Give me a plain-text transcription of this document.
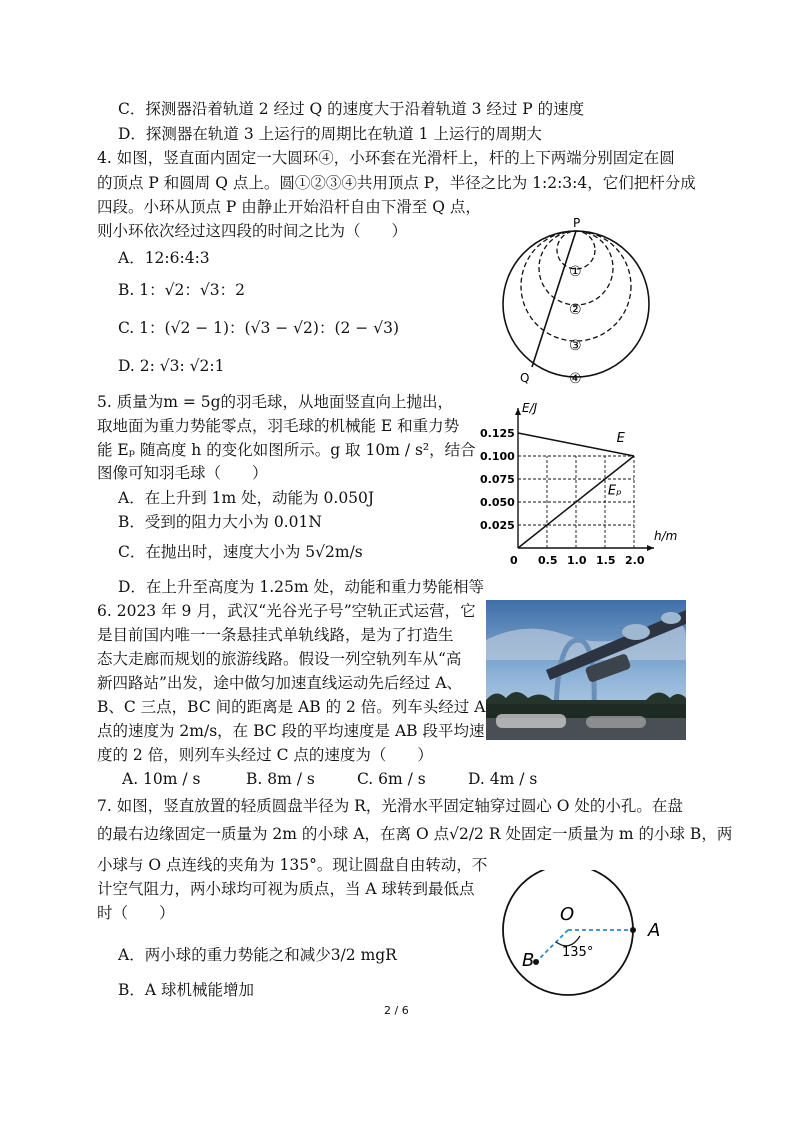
C．探测器沿着轨道 2 经过 Q 的速度大于沿着轨道 3 经过 P 的速度
D．探测器在轨道 3 上运行的周期比在轨道 1 上运行的周期大
4. 如图，竖直面内固定一大圆环④，小环套在光滑杆上，杆的上下两端分别固定在圆
的顶点 P 和圆周 Q 点上。圆①②③④共用顶点 P，半径之比为 1:2:3:4，它们把杆分成
四段。小环从顶点 P 由静止开始沿杆自由下滑至 Q 点，
则小环依次经过这四段的时间之比为（　　）
A．12:6:4:3
B. 1：√2：√3：2
C. 1：(√2 − 1)：(√3 − √2)：(2 − √3)
D. 2: √3: √2:1
5. 质量为m = 5g的羽毛球，从地面竖直向上抛出，
取地面为重力势能零点，羽毛球的机械能 E 和重力势
能 Eₚ 随高度 h 的变化如图所示。g 取 10m / s²，结合
图像可知羽毛球（　　）
A．在上升到 1m 处，动能为 0.050J
B．受到的阻力大小为 0.01N
C．在抛出时，速度大小为 5√2m/s
D．在上升至高度为 1.25m 处，动能和重力势能相等
6. 2023 年 9 月，武汉“光谷光子号”空轨正式运营，它
是目前国内唯一一条悬挂式单轨线路，是为了打造生
态大走廊而规划的旅游线路。假设一列空轨列车从“高
新四路站”出发，途中做匀加速直线运动先后经过 A、
B、C 三点，BC 间的距离是 AB 的 2 倍。列车头经过 A
点的速度为 2m/s，在 BC 段的平均速度是 AB 段平均速
度的 2 倍，则列车头经过 C 点的速度为（　　）
A. 10m / s	B. 8m / s	C. 6m / s	D. 4m / s
7. 如图，竖直放置的轻质圆盘半径为 R，光滑水平固定轴穿过圆心 O 处的小孔。在盘
的最右边缘固定一质量为 2m 的小球 A，在离 O 点√2/2 R 处固定一质量为 m 的小球 B，两
小球与 O 点连线的夹角为 135°。现让圆盘自由转动，不
计空气阻力，两小球均可视为质点，当 A 球转到最低点
时（　　）
A．两小球的重力势能之和减少3/2 mgR
B．A 球机械能增加
2 / 6
P
Q
①
②
③
④
0.125
0.100
0.075
0.050
0.025
0 0.5 1.0 1.5 2.0
E/J
h/m
E
Eₚ
O
A
B 135°
